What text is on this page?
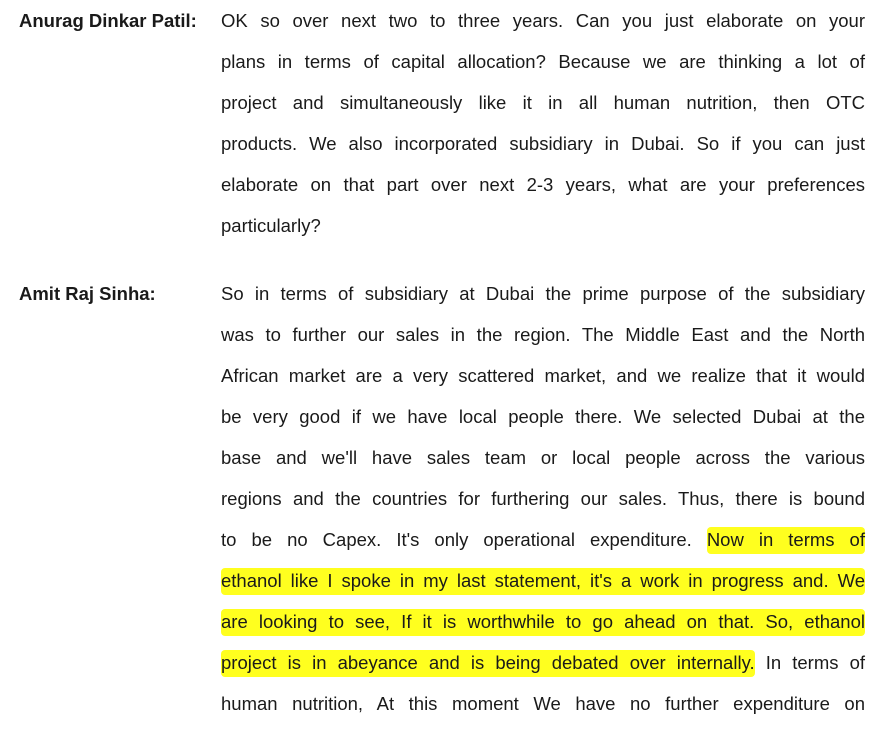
Anurag Dinkar Patil: OK so over next two to three years. Can you just elaborate on your
plans in terms of capital allocation? Because we are thinking a lot of
project and simultaneously like it in all human nutrition, then OTC
products. We also incorporated subsidiary in Dubai. So if you can just
elaborate on that part over next 2-3 years, what are your preferences
particularly?
Amit Raj Sinha:	So in terms of subsidiary at Dubai the prime purpose of the subsidiary
was to further our sales in the region. The Middle East and the North
African market are a very scattered market, and we realize that it would
be very good if we have local people there. We selected Dubai at the
base and we'll have sales team or local people across the various
regions and the countries for furthering our sales. Thus, there is bound
to be no Capex. It's only operational expenditure. Now in terms of
ethanol like I spoke in my last statement, it's a work in progress and. We
are looking to see, If it is worthwhile to go ahead on that. So, ethanol
project is in abeyance and is being debated over internally. In terms of
human nutrition, At this moment We have no further expenditure on
